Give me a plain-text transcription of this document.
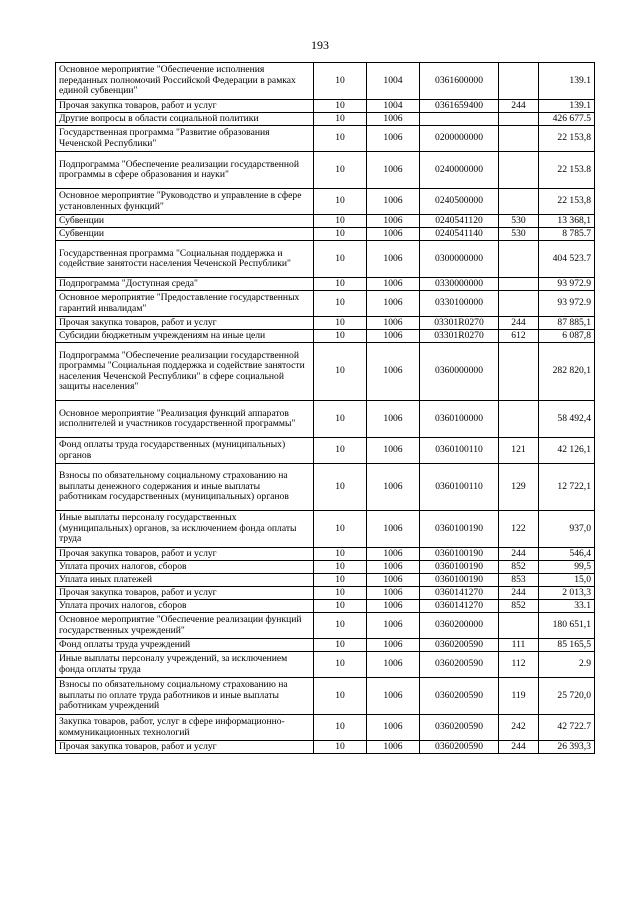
193
Основное мероприятие "Обеспечение исполнения переданных полномочий Российской Федерации в рамках единой субвенции"	10	1004	0361600000		139.1
Прочая закупка товаров, работ и услуг	10	1004	0361659400	244	139.1
Другие вопросы в области социальной политики	10	1006			426 677.5
Государственная программа "Развитие образования Чеченской Республики"	10	1006	0200000000		22 153,8
Подпрограмма "Обеспечение реализации государственной программы в сфере образования и науки"	10	1006	0240000000		22 153.8
Основное мероприятие "Руководство и управление в сфере установленных функций"	10	1006	0240500000		22 153,8
Субвенции	10	1006	0240541120	530	13 368,1
Субвенции	10	1006	0240541140	530	8 785.7
Государственная программа "Социальная поддержка и содействие занятости населения Чеченской Республики"	10	1006	0300000000		404 523.7
Подпрограмма "Доступная среда"	10	1006	0330000000		93 972.9
Основное мероприятие "Предоставление государственных гарантий инвалидам"	10	1006	0330100000		93 972.9
Прочая закупка товаров, работ и услуг	10	1006	03301R0270	244	87 885,1
Субсидии бюджетным учреждениям на иные цели	10	1006	03301R0270	612	6 087,8
Подпрограмма "Обеспечение реализации государственной программы "Социальная поддержка и содействие занятости населения Чеченской Республики" в сфере социальной защиты населения"	10	1006	0360000000		282 820,1
Основное мероприятие "Реализация функций аппаратов исполнителей и участников государственной программы"	10	1006	0360100000		58 492,4
Фонд оплаты труда государственных (муниципальных) органов	10	1006	0360100110	121	42 126,1
Взносы по обязательному социальному страхованию на выплаты денежного содержания и иные выплаты работникам государственных (муниципальных) органов	10	1006	0360100110	129	12 722,1
Иные выплаты персоналу государственных (муниципальных) органов, за исключением фонда оплаты труда	10	1006	0360100190	122	937,0
Прочая закупка товаров, работ и услуг	10	1006	0360100190	244	546,4
Уплата прочих налогов, сборов	10	1006	0360100190	852	99,5
Уплата иных платежей	10	1006	0360100190	853	15,0
Прочая закупка товаров, работ и услуг	10	1006	0360141270	244	2 013,3
Уплата прочих налогов, сборов	10	1006	0360141270	852	33.1
Основное мероприятие "Обеспечение реализации функций государственных учреждений"	10	1006	0360200000		180 651,1
Фонд оплаты труда учреждений	10	1006	0360200590	111	85 165,5
Иные выплаты персоналу учреждений, за исключением фонда оплаты труда	10	1006	0360200590	112	2.9
Взносы по обязательному социальному страхованию на выплаты по оплате труда работников и иные выплаты работникам учреждений	10	1006	0360200590	119	25 720,0
Закупка товаров, работ, услуг в сфере информационно-коммуникационных технологий	10	1006	0360200590	242	42 722.7
Прочая закупка товаров, работ и услуг	10	1006	0360200590	244	26 393,3
